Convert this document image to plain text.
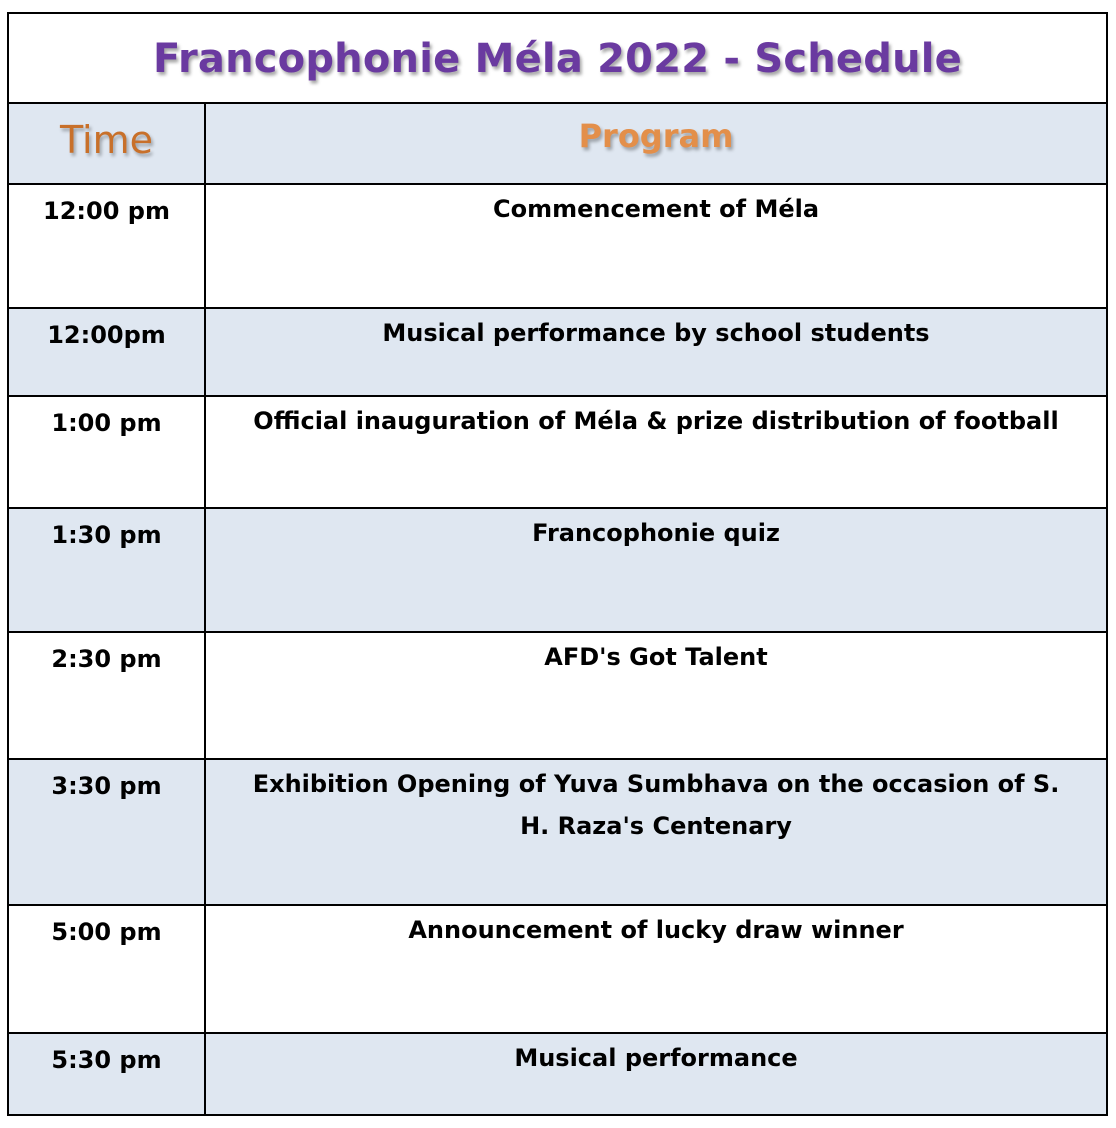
Francophonie Méla 2022 - Schedule	

Time	Program

12:00 pm	Commencement of Méla
12:00pm	Musical performance by school students
1:00 pm	Official inauguration of Méla & prize distribution of football
1:30 pm	Francophonie quiz
2:30 pm	AFD's Got Talent
3:30 pm	Exhibition Opening of Yuva Sumbhava on the occasion of S. H. Raza's Centenary
5:00 pm	Announcement of lucky draw winner
5:30 pm	Musical performance
